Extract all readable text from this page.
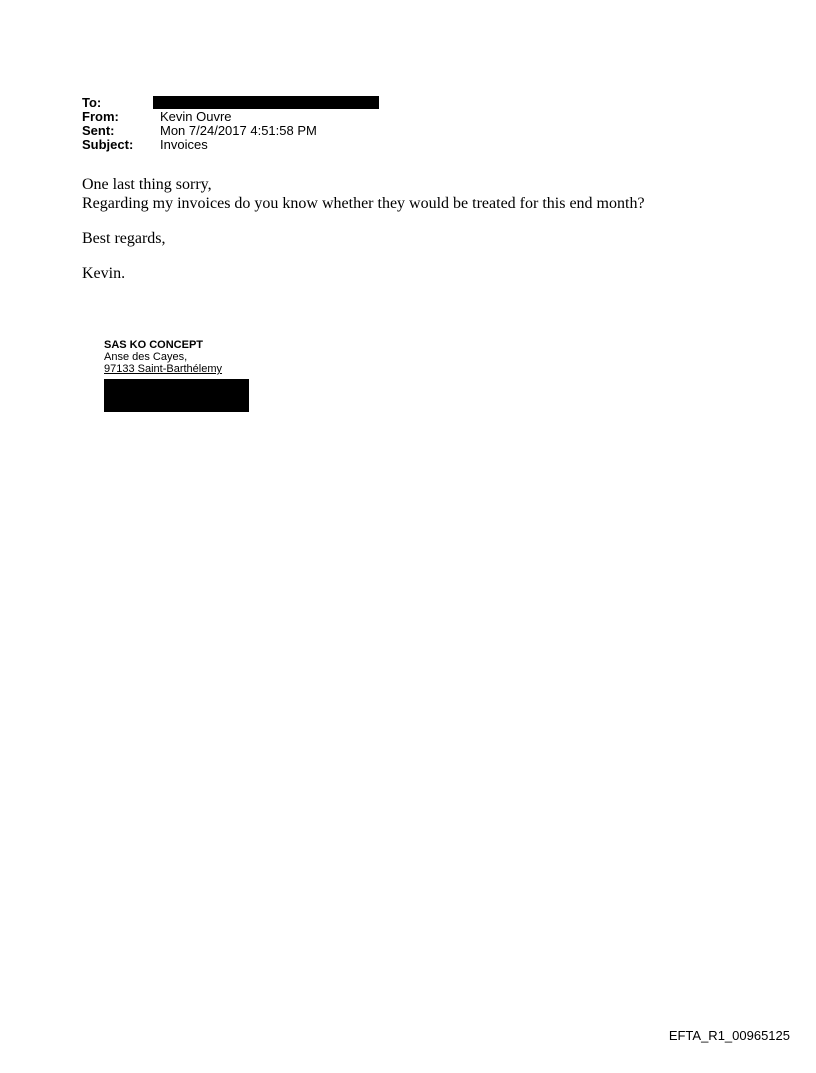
To:
From:	Kevin Ouvre
Sent:	Mon 7/24/2017 4:51:58 PM
Subject:	Invoices

One last thing sorry,

Regarding my invoices do you know whether they would be treated for this end month?

Best regards,

Kevin.

SAS KO CONCEPT
Anse des Cayes,
97133 Saint-Barthélemy
EFTA_R1_00965125
